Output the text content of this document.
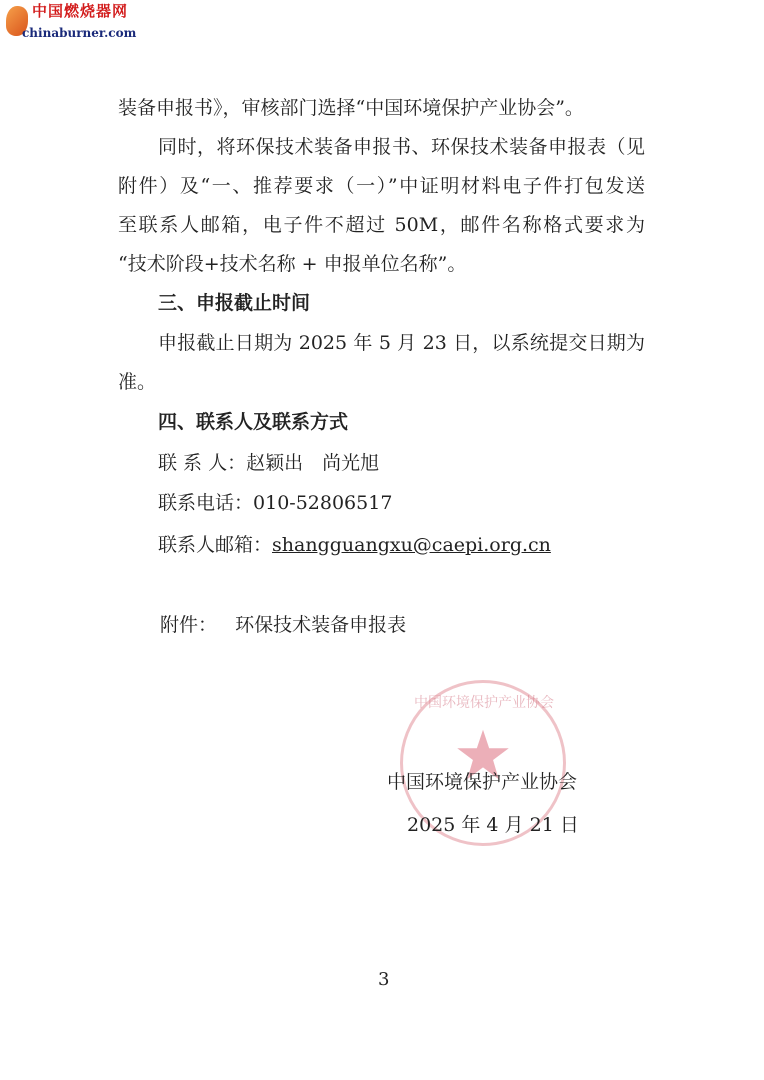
中国燃烧器网
chinaburner.com
装备申报书》，审核部门选择“中国环境保护产业协会”。
同时，将环保技术装备申报书、环保技术装备申报表（见
附件）及“一、推荐要求（一）”中证明材料电子件打包发送
至联系人邮箱，电子件不超过 50M，邮件名称格式要求为
“技术阶段+技术名称 + 申报单位名称”。
三、申报截止时间
申报截止日期为 2025 年 5 月 23 日，以系统提交日期为
准。
四、联系人及联系方式
联 系 人：赵颖出　尚光旭
联系电话：010-52806517
联系人邮箱：shangguangxu@caepi.org.cn
附件： 环保技术装备申报表
中国环境保护产业协会
中国环境保护产业协会
2025 年 4 月 21 日
3
